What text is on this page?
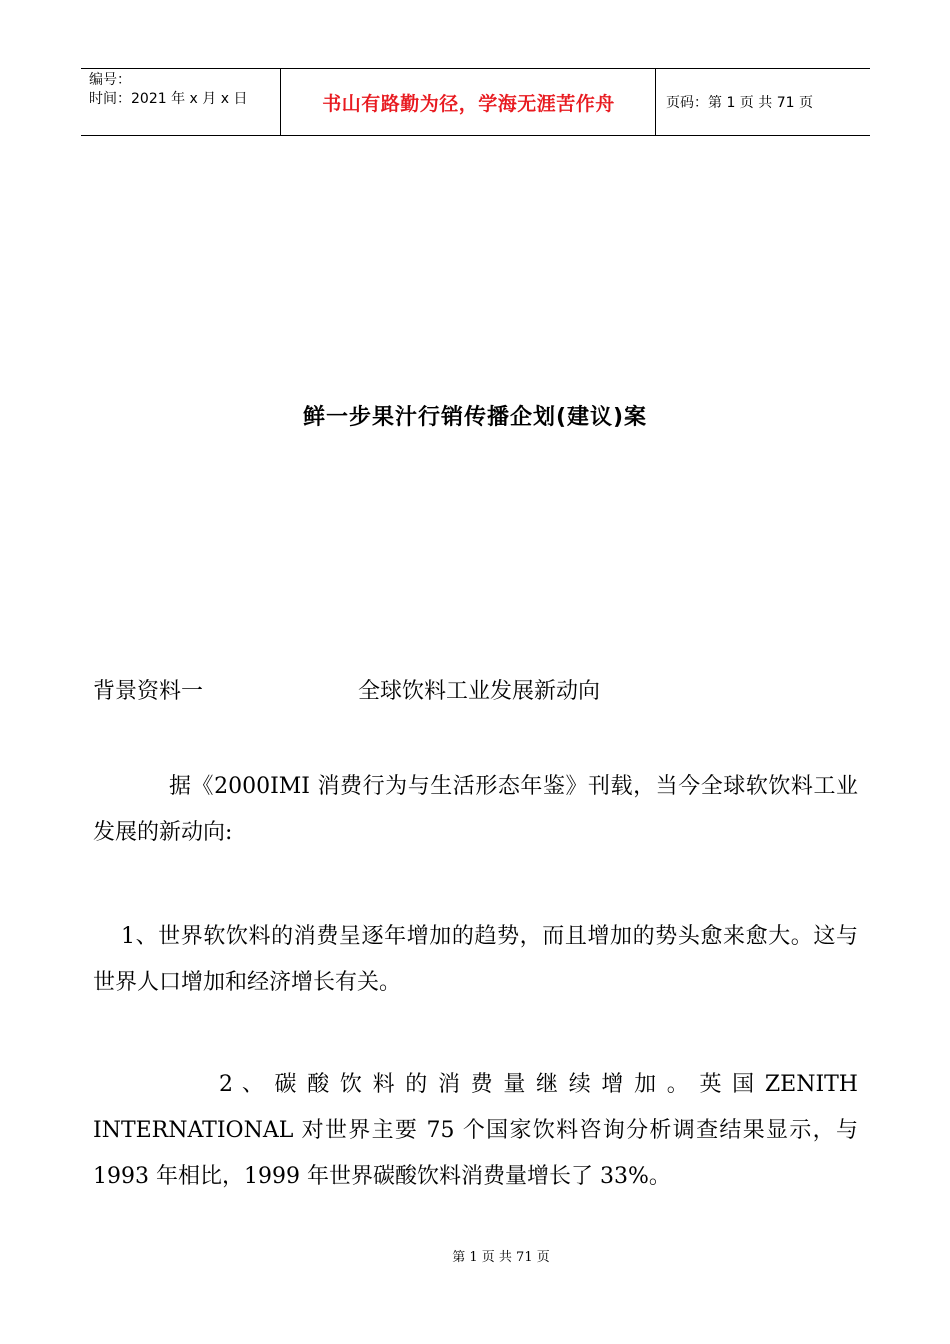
编号：
时间：2021 年 x 月 x 日	书山有路勤为径，学海无涯苦作舟	页码：第 1 页 共 71 页
鲜一步果汁行销传播企划(建议)案
背景资料一	全球饮料工业发展新动向
据《2000IMI 消费行为与生活形态年鉴》刊载，当今全球软饮料工业发展的新动向:
1、世界软饮料的消费呈逐年增加的趋势，而且增加的势头愈来愈大。这与世界人口增加和经济增长有关。
2 、 碳 酸 饮 料 的 消 费 量 继 续 增 加 。 英 国 ZENITH INTERNATIONAL 对世界主要 75 个国家饮料咨询分析调查结果显示，与 1993 年相比，1999 年世界碳酸饮料消费量增长了 33%。
第 1 页 共 71 页
